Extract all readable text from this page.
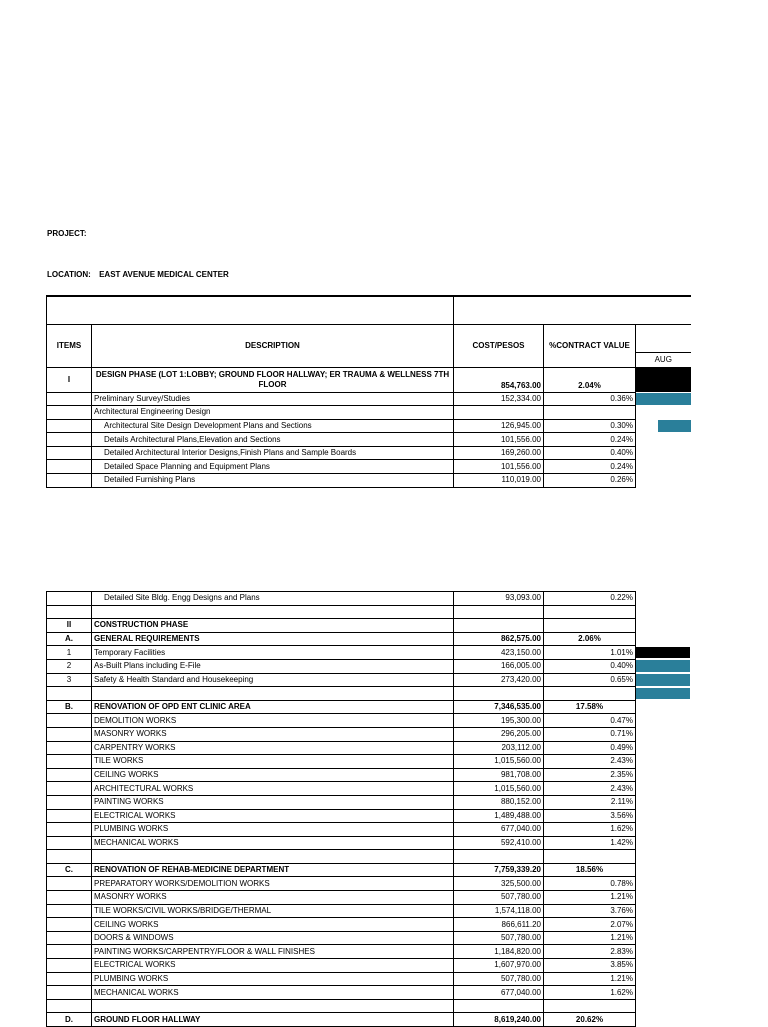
PROJECT:
LOCATION: EAST AVENUE MEDICAL CENTER

ITEMS	DESCRIPTION	COST/PESOS	%CONTRACT VALUE	
				AUG
I	DESIGN PHASE (LOT 1:LOBBY; GROUND FLOOR HALLWAY; ER TRAUMA & WELLNESS 7TH FLOOR	854,763.00	2.04%	

	Preliminary Survey/Studies	152,334.00	0.36%	

	Architectural Engineering Design			
	Architectural Site Design Development Plans and Sections	126,945.00	0.30%	

	Details Architectural Plans,Elevation and Sections	101,556.00	0.24%	
	Detailed Architectural Interior Designs,Finish Plans and Sample Boards	169,260.00	0.40%	
	Detailed Space Planning and Equipment Plans	101,556.00	0.24%	
	Detailed Furnishing Plans	110,019.00	0.26%	
	Detailed Site Bldg. Engg Designs and Plans	93,093.00	0.22%	

II	CONSTRUCTION PHASE			
A.	GENERAL REQUIREMENTS	862,575.00	2.06%	
1	Temporary Facilities	423,150.00	1.01%	

2	As-Built Plans including E-File	166,005.00	0.40%	

3	Safety & Health Standard and Housekeeping	273,420.00	0.65%	

B.	RENOVATION OF OPD ENT CLINIC AREA	7,346,535.00	17.58%	
	DEMOLITION WORKS	195,300.00	0.47%	
	MASONRY WORKS	296,205.00	0.71%	
	CARPENTRY WORKS	203,112.00	0.49%	
	TILE WORKS	1,015,560.00	2.43%	
	CEILING WORKS	981,708.00	2.35%	
	ARCHITECTURAL WORKS	1,015,560.00	2.43%	
	PAINTING WORKS	880,152.00	2.11%	
	ELECTRICAL WORKS	1,489,488.00	3.56%	
	PLUMBING WORKS	677,040.00	1.62%	
	MECHANICAL WORKS	592,410.00	1.42%	

C.	RENOVATION OF REHAB-MEDICINE DEPARTMENT	7,759,339.20	18.56%	
	PREPARATORY WORKS/DEMOLITION WORKS	325,500.00	0.78%	
	MASONRY WORKS	507,780.00	1.21%	
	TILE WORKS/CIVIL WORKS/BRIDGE/THERMAL	1,574,118.00	3.76%	
	CEILING WORKS	866,611.20	2.07%	
	DOORS & WINDOWS	507,780.00	1.21%	
	PAINTING WORKS/CARPENTRY/FLOOR & WALL FINISHES	1,184,820.00	2.83%	
	ELECTRICAL WORKS	1,607,970.00	3.85%	
	PLUMBING WORKS	507,780.00	1.21%	
	MECHANICAL WORKS	677,040.00	1.62%	

D.	GROUND FLOOR HALLWAY	8,619,240.00	20.62%	
